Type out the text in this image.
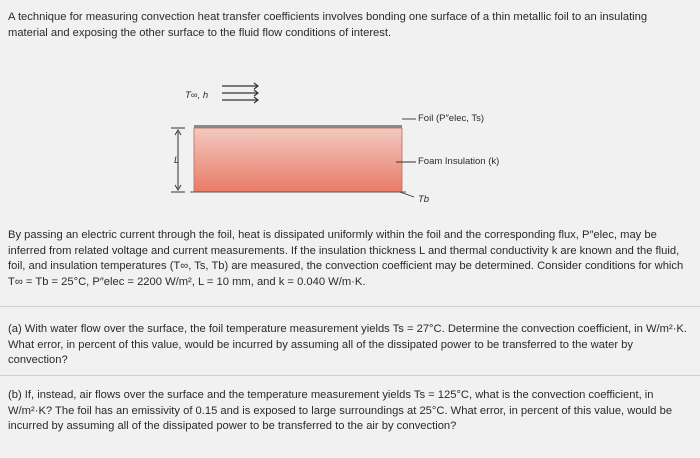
A technique for measuring convection heat transfer coefficients involves bonding one surface of a thin metallic foil to an insulating material and exposing the other surface to the fluid flow conditions of interest.

T∞, h
Foil (P″elec, Ts)
Foam Insulation (k)
L
Tb

By passing an electric current through the foil, heat is dissipated uniformly within the foil and the corresponding flux, P″elec, may be inferred from related voltage and current measurements. If the insulation thickness L and thermal conductivity k are known and the fluid, foil, and insulation temperatures (T∞, Ts, Tb) are measured, the convection coefficient may be determined. Consider conditions for which T∞ = Tb = 25°C, P″elec = 2200 W/m², L = 10 mm, and k = 0.040 W/m·K.

(a) With water flow over the surface, the foil temperature measurement yields Ts = 27°C. Determine the convection coefficient, in W/m²·K. What error, in percent of this value, would be incurred by assuming all of the dissipated power to be transferred to the water by convection?

(b) If, instead, air flows over the surface and the temperature measurement yields Ts = 125°C, what is the convection coefficient, in W/m²·K? The foil has an emissivity of 0.15 and is exposed to large surroundings at 25°C. What error, in percent of this value, would be incurred by assuming all of the dissipated power to be transferred to the air by convection?
